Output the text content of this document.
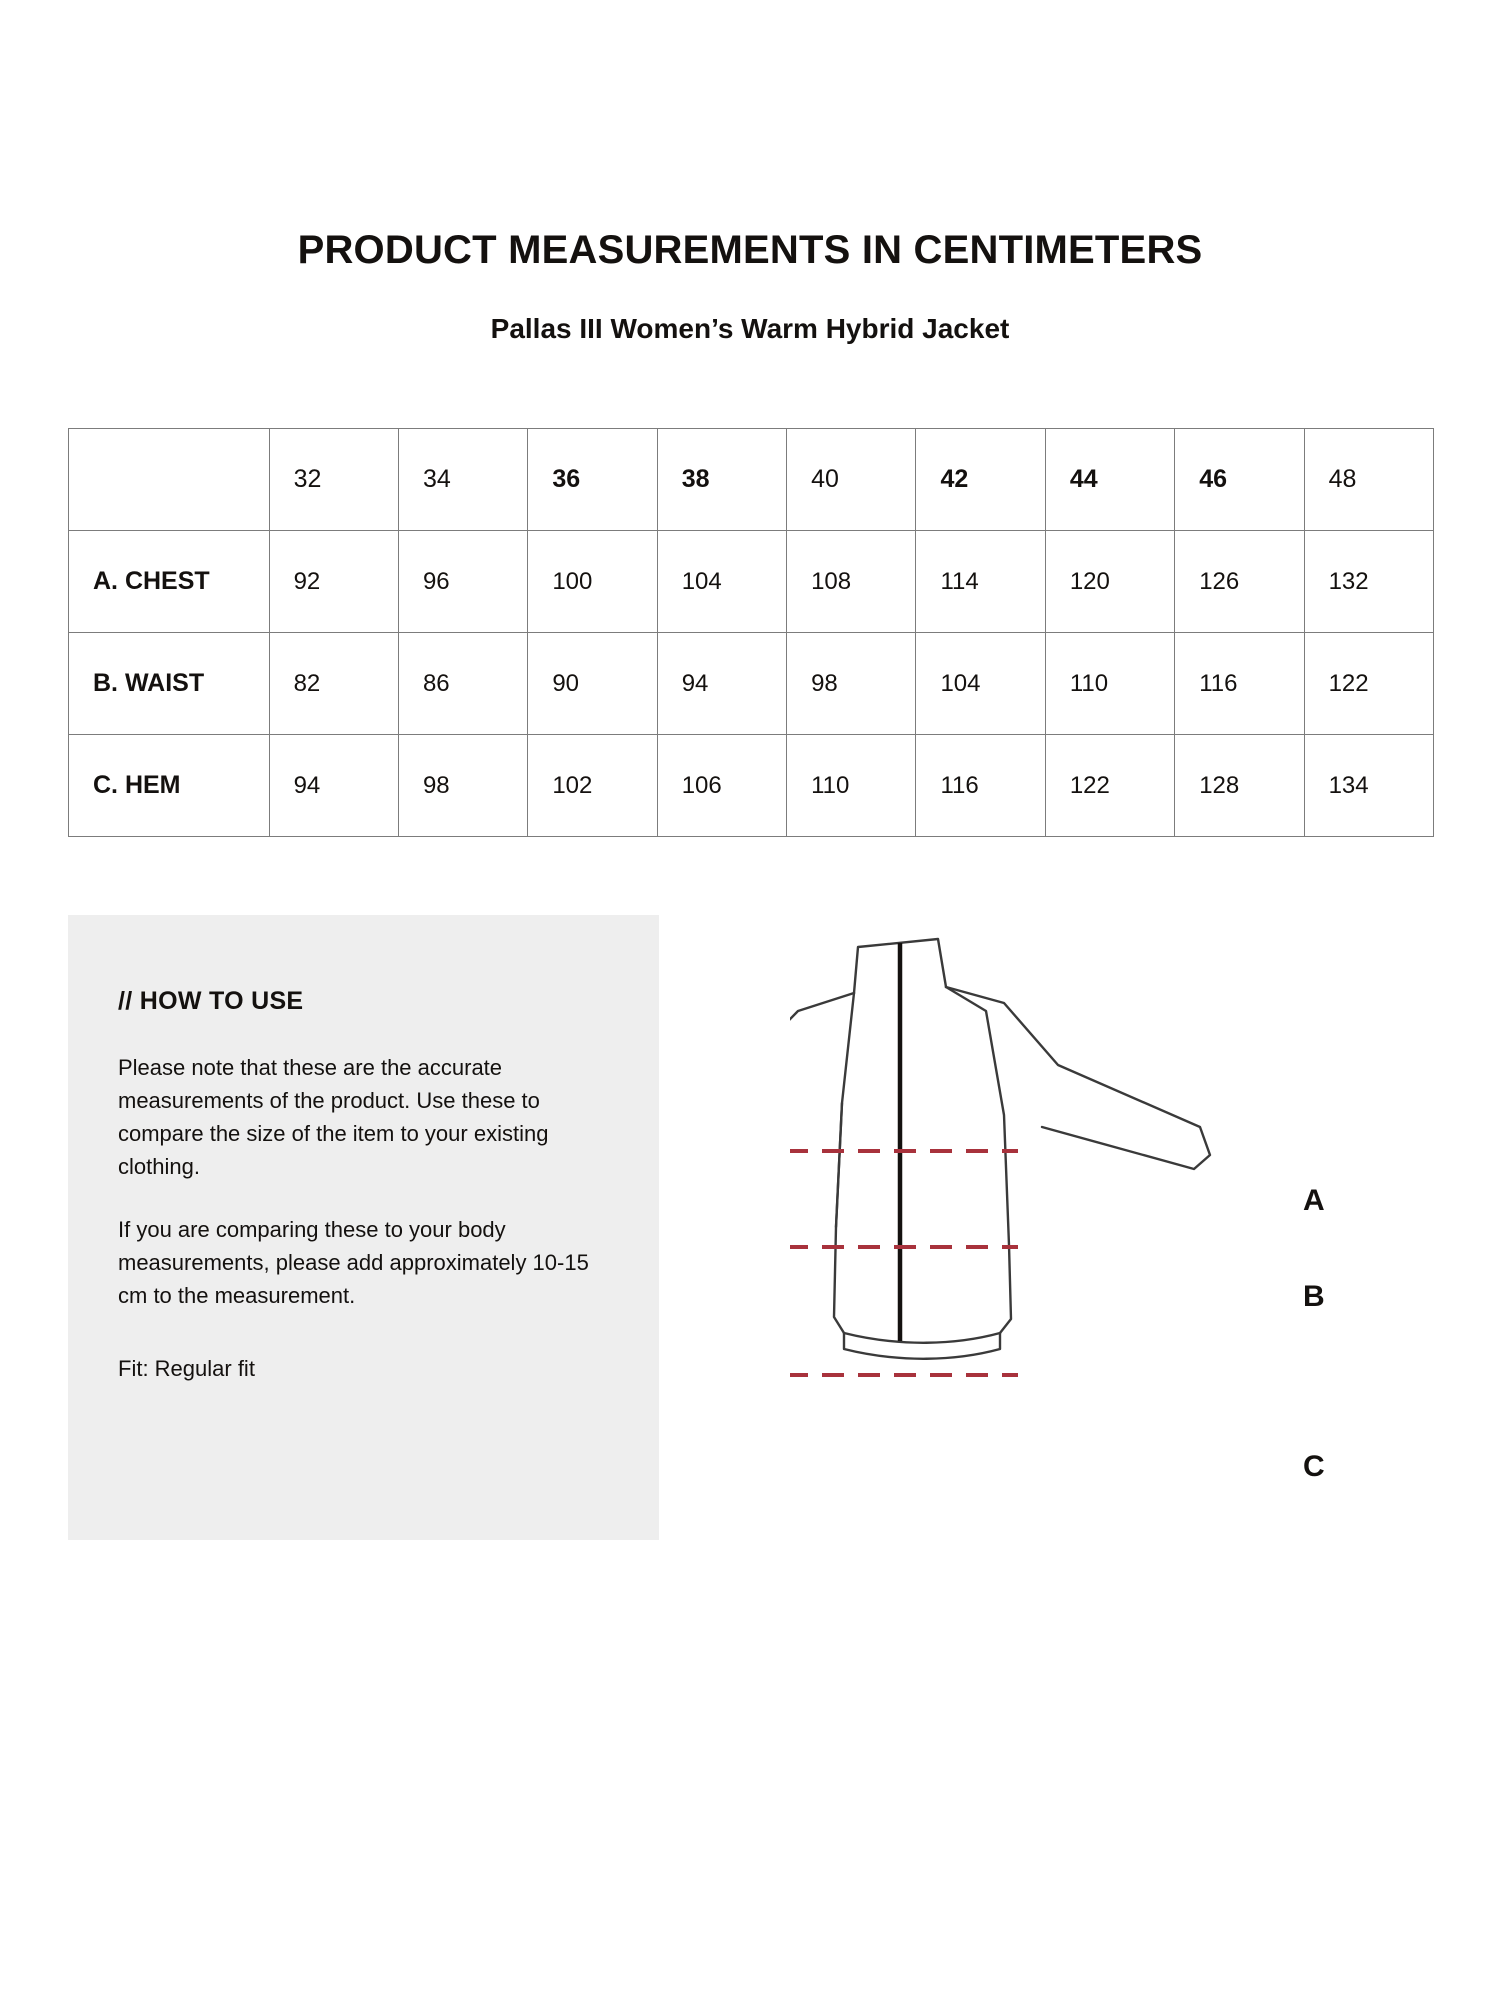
PRODUCT MEASUREMENTS IN CENTIMETERS
Pallas III Women’s Warm Hybrid Jacket
	32	34	36	38	40	42	44	46	48
A. CHEST	92	96	100	104	108	114	120	126	132
B. WAIST	82	86	90	94	98	104	110	116	122
C. HEM	94	98	102	106	110	116	122	128	134
// HOW TO USE

Please note that these are the accurate measurements of the product. Use these to compare the size of the item to your existing clothing.

If you are comparing these to your body measurements, please add approximately 10-15 cm to the measurement.

Fit: Regular fit

A
B
C
